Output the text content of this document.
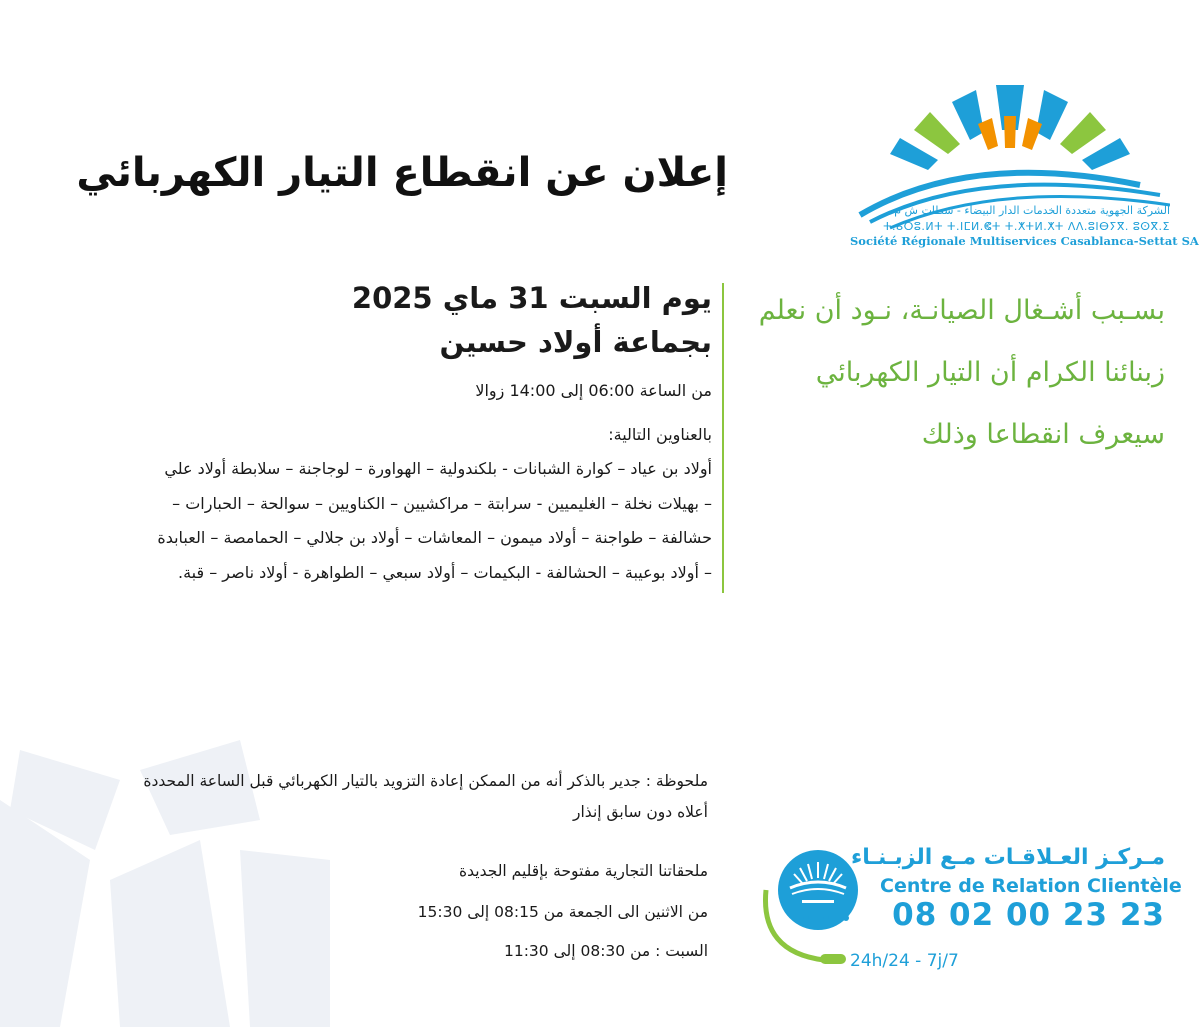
الشركة الجهوية متعددة الخدمات الدار البيضاء - سطات ش م
ⵜ.ⴰⵔⵓ.ⵍⵜ ⵜ.ⵏⵎⵍ.ⵞⵜ ⵜ.ⵅⵜⵍ.ⵅⵜ ⴷⴷ.ⵓⵏⴱⵢⴳ. ⵓⵙⴳ.ⵉ
Société Régionale Multiservices Casablanca-Settat SA
إعلان عن انقطاع التيار الكهربائي
بسـبب أشـغال الصيانـة، نـود أن نعلم
زبنائنا الكرام أن التيار الكهربائي
سيعرف انقطاعا وذلك
يوم السبت 31 ماي 2025
بجماعة أولاد حسين
من الساعة 06:00 إلى 14:00 زوالا
بالعناوين التالية:
أولاد بن عياد – كوارة الشبانات - بلكندولية – الهواورة – لوجاجنة – سلابطة أولاد علي
– بهيلات نخلة – الغليميين - سرابتة – مراكشيين – الكناويين – سوالحة – الحبارات –
حشالفة – طواجنة – أولاد ميمون – المعاشات – أولاد بن جلالي – الحمامصة – العبابدة
– أولاد بوعيبة – الحشالفة - البكيمات – أولاد سبعي – الطواهرة - أولاد ناصر – قبة.
ملحوظة : جدير بالذكر أنه من الممكن إعادة التزويد بالتيار الكهربائي قبل الساعة المحددة
أعلاه دون سابق إنذار
ملحقاتنا التجارية مفتوحة بإقليم الجديدة
من الاثنين الى الجمعة من 08:15 إلى 15:30
السبت : من 08:30 إلى 11:30
مـركـز العـلاقـات مـع الزبـنـاء
Centre de Relation Clientèle
08 02 00 23 23
24h/24 - 7j/7
